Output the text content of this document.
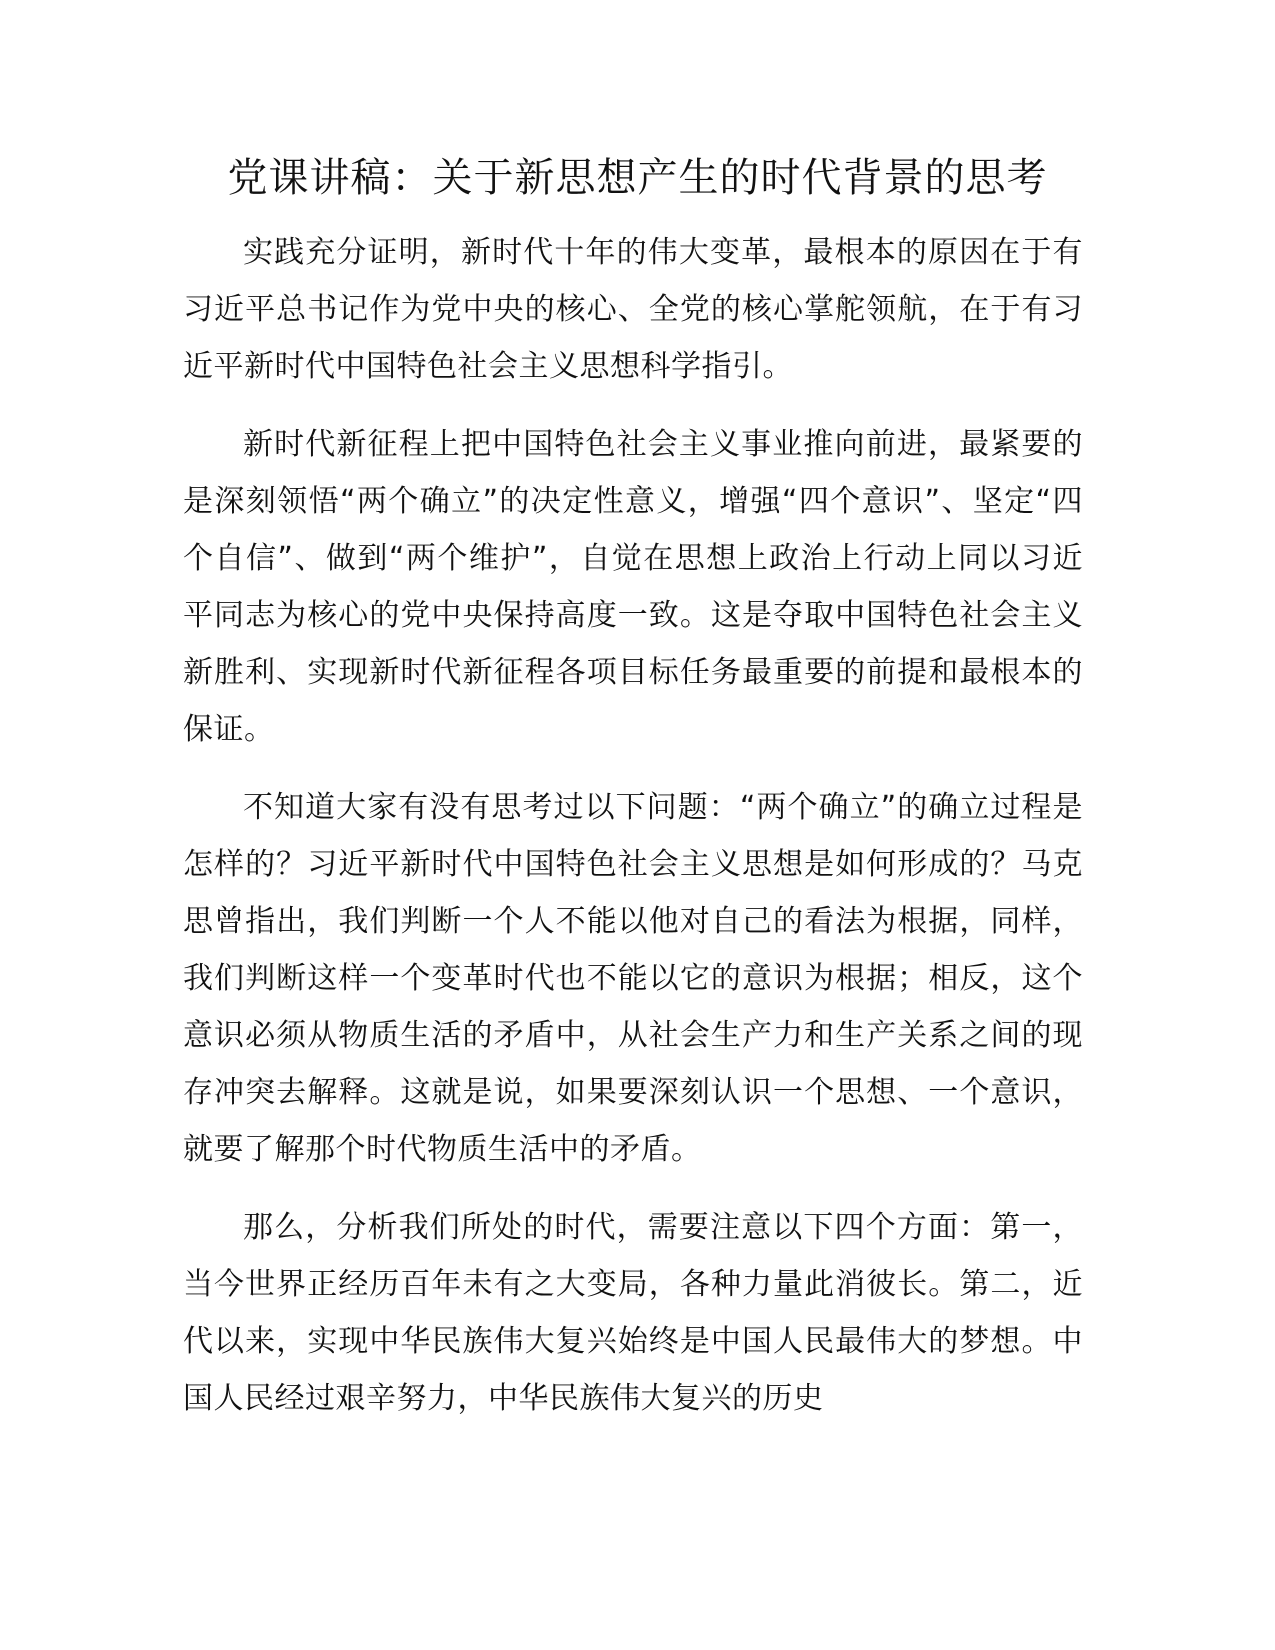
党课讲稿：关于新思想产生的时代背景的思考

实践充分证明，新时代十年的伟大变革，最根本的原因在于有习近平总书记作为党中央的核心、全党的核心掌舵领航，在于有习近平新时代中国特色社会主义思想科学指引。

新时代新征程上把中国特色社会主义事业推向前进，最紧要的是深刻领悟“两个确立”的决定性意义，增强“四个意识”、坚定“四个自信”、做到“两个维护”，自觉在思想上政治上行动上同以习近平同志为核心的党中央保持高度一致。这是夺取中国特色社会主义新胜利、实现新时代新征程各项目标任务最重要的前提和最根本的保证。

不知道大家有没有思考过以下问题：“两个确立”的确立过程是怎样的？习近平新时代中国特色社会主义思想是如何形成的？马克思曾指出，我们判断一个人不能以他对自己的看法为根据，同样，我们判断这样一个变革时代也不能以它的意识为根据；相反，这个意识必须从物质生活的矛盾中，从社会生产力和生产关系之间的现存冲突去解释。这就是说，如果要深刻认识一个思想、一个意识，就要了解那个时代物质生活中的矛盾。

那么，分析我们所处的时代，需要注意以下四个方面：第一，当今世界正经历百年未有之大变局，各种力量此消彼长。第二，近代以来，实现中华民族伟大复兴始终是中国人民最伟大的梦想。中国人民经过艰辛努力，中华民族伟大复兴的历史
